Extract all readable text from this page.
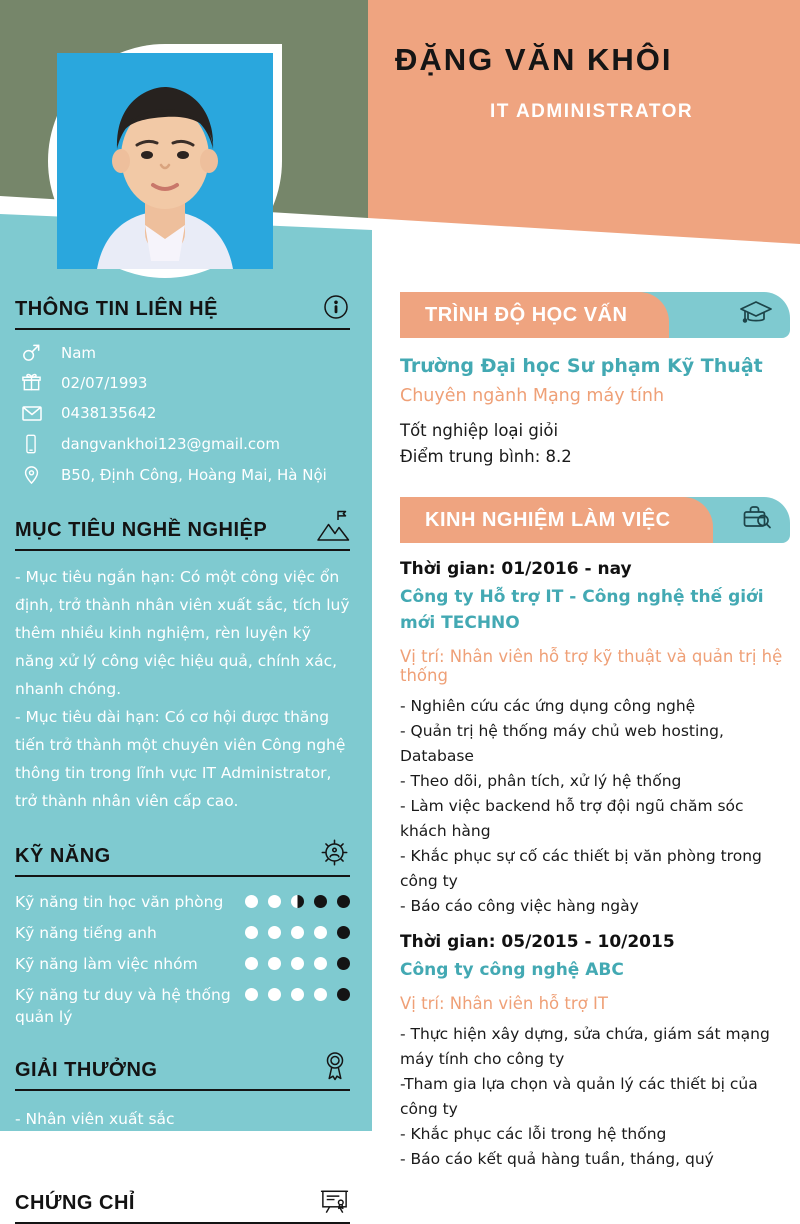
ĐẶNG VĂN KHÔI
IT ADMINISTRATOR
THÔNG TIN LIÊN HỆ
Nam
02/07/1993
0438135642
dangvankhoi123@gmail.com
B50, Định Công, Hoàng Mai, Hà Nội
MỤC TIÊU NGHỀ NGHIỆP
- Mục tiêu ngắn hạn: Có một công việc ổn định, trở thành nhân viên xuất sắc, tích luỹ thêm nhiều kinh nghiệm, rèn luyện kỹ năng xử lý công việc hiệu quả, chính xác, nhanh chóng.
- Mục tiêu dài hạn: Có cơ hội được thăng tiến trở thành một chuyên viên Công nghệ thông tin trong lĩnh vực IT Administrator, trở thành nhân viên cấp cao.
KỸ NĂNG
Kỹ năng tin học văn phòng
Kỹ năng tiếng anh
Kỹ năng làm việc nhóm
Kỹ năng tư duy và hệ thống quản lý
GIẢI THƯỞNG
- Nhân viên xuất sắc
- Giải nhất tin học văn phòng
CHỨNG CHỈ
TRÌNH ĐỘ HỌC VẤN
Trường Đại học Sư phạm Kỹ Thuật
Chuyên ngành Mạng máy tính
Tốt nghiệp loại giỏi
Điểm trung bình: 8.2
KINH NGHIỆM LÀM VIỆC
Thời gian: 01/2016 - nay
Công ty Hỗ trợ IT - Công nghệ thế giới mới TECHNO
Vị trí: Nhân viên hỗ trợ kỹ thuật và quản trị hệ thống
- Nghiên cứu các ứng dụng công nghệ
- Quản trị hệ thống máy chủ web hosting, Database
- Theo dõi, phân tích, xử lý hệ thống
- Làm việc backend hỗ trợ đội ngũ chăm sóc khách hàng
- Khắc phục sự cố các thiết bị văn phòng trong công ty
- Báo cáo công việc hàng ngày
Thời gian: 05/2015 - 10/2015
Công ty công nghệ ABC
Vị trí: Nhân viên hỗ trợ IT
- Thực hiện xây dựng, sửa chứa, giám sát mạng máy tính cho công ty
-Tham gia lựa chọn và quản lý các thiết bị của công ty
- Khắc phục các lỗi trong hệ thống
- Báo cáo kết quả hàng tuần, tháng, quý
